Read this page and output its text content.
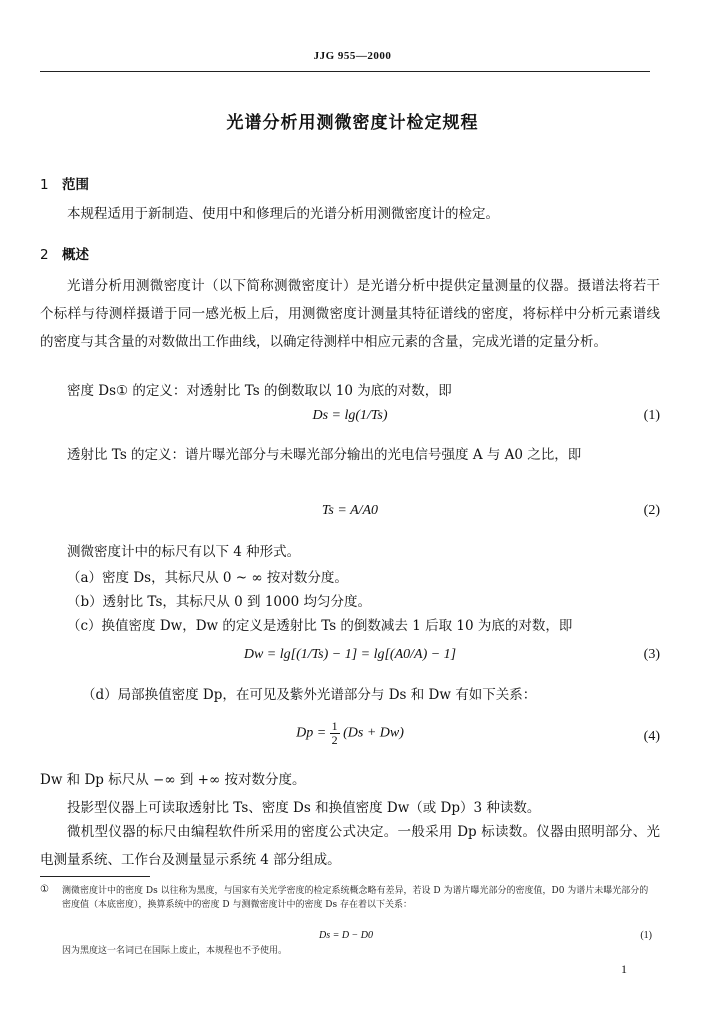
JJG 955—2000
光谱分析用测微密度计检定规程
1 范围
本规程适用于新制造、使用中和修理后的光谱分析用测微密度计的检定。
2 概述
光谱分析用测微密度计（以下简称测微密度计）是光谱分析中提供定量测量的仪器。摄谱法将若干个标样与待测样摄谱于同一感光板上后，用测微密度计测量其特征谱线的密度，将标样中分析元素谱线的密度与其含量的对数做出工作曲线，以确定待测样中相应元素的含量，完成光谱的定量分析。
密度 Ds① 的定义：对透射比 Ts 的倒数取以 10 为底的对数，即
Ds = lg(1/Ts)	(1)
透射比 Ts 的定义：谱片曝光部分与未曝光部分输出的光电信号强度 A 与 A0 之比，即
Ts = A/A0	(2)
测微密度计中的标尺有以下 4 种形式。
（a）密度 Ds，其标尺从 0 ~ ∞ 按对数分度。
（b）透射比 Ts，其标尺从 0 到 1000 均匀分度。
（c）换值密度 Dw，Dw 的定义是透射比 Ts 的倒数减去 1 后取 10 为底的对数，即
Dw = lg[(1/Ts) − 1] = lg[(A0/A) − 1]	(3)
（d）局部换值密度 Dp，在可见及紫外光谱部分与 Ds 和 Dw 有如下关系：
$Dp = \frac{1}{2} (Ds + Dw)$	(4)
Dw 和 Dp 标尺从 −∞ 到 +∞ 按对数分度。
投影型仪器上可读取透射比 Ts、密度 Ds 和换值密度 Dw（或 Dp）3 种读数。
微机型仪器的标尺由编程软件所采用的密度公式决定。一般采用 Dp 标读数。仪器由照明部分、光电测量系统、工作台及测量显示系统 4 部分组成。
① 测微密度计中的密度 Ds 以往称为黑度，与国家有关光学密度的检定系统概念略有差异，若设 D 为谱片曝光部分的密度值，D0 为谱片未曝光部分的密度值（本底密度），换算系统中的密度 D 与测微密度计中的密度 Ds 存在着以下关系：
Ds = D − D0	(1)
因为黑度这一名词已在国际上废止，本规程也不予使用。
1
